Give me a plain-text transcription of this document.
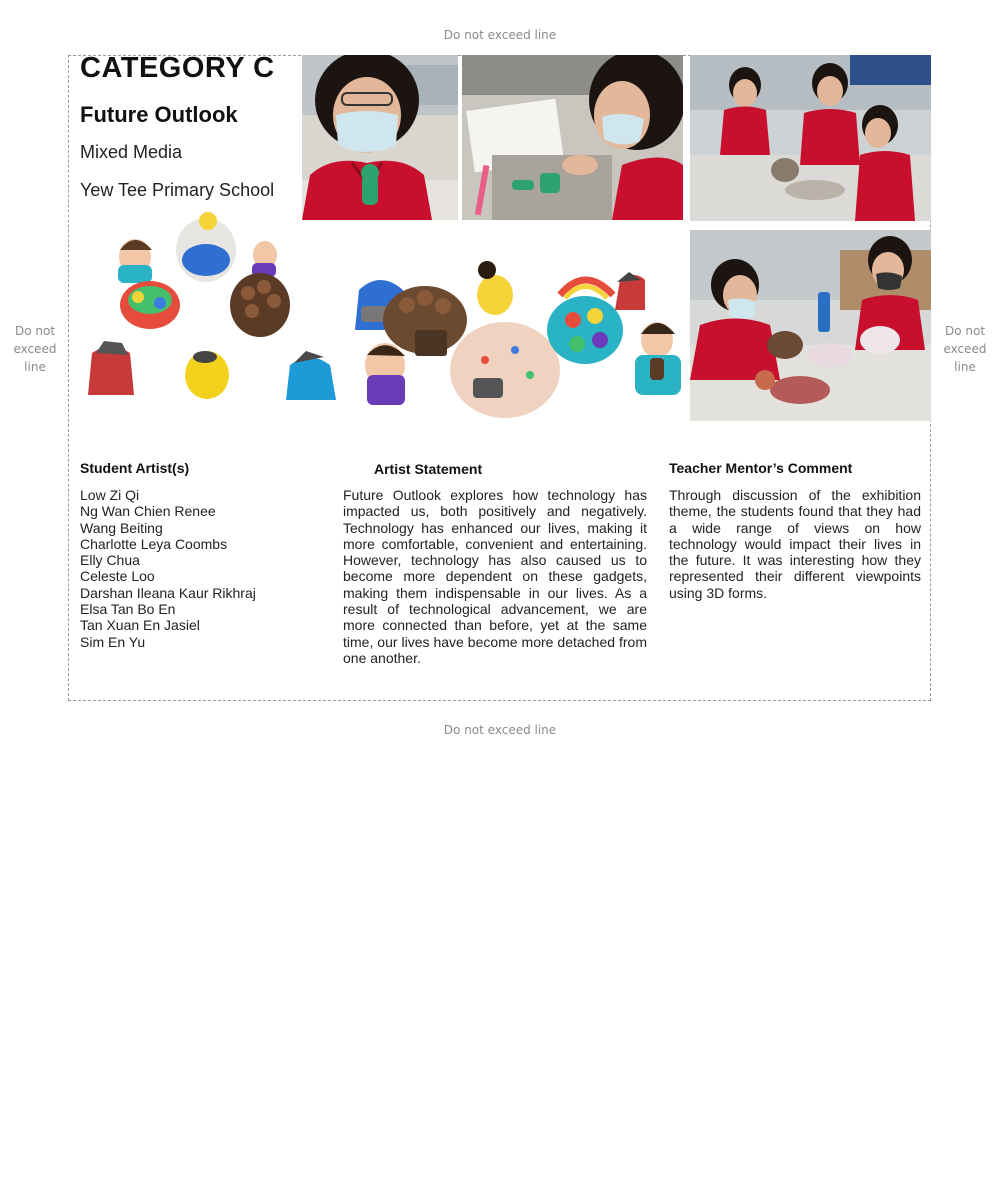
Do not exceed line
Do not exceed line
Do not exceed line
Do not exceed line
CATEGORY C
Future Outlook
Mixed Media
Yew Tee Primary School
Student Artist(s)	Artist Statement	Teacher Mentor’s Comment
Low Zi Qi
Ng Wan Chien Renee
Wang Beiting
Charlotte Leya Coombs
Elly Chua
Celeste Loo
Darshan Ileana Kaur Rikhraj
Elsa Tan Bo En
Tan Xuan En Jasiel
Sim En Yu

Future Outlook explores how technology has impacted us, both positively and negatively. Technology has enhanced our lives, making it more comfortable, convenient and entertaining. However, technology has also caused us to become more dependent on these gadgets, making them indispensable in our lives. As a result of technological advancement, we are more connected than before, yet at the same time, our lives have become more detached from one another.

Through discussion of the exhibition theme, the students found that they had a wide range of views on how technology would impact their lives in the future. It was interesting how they represented their different viewpoints using 3D forms.
